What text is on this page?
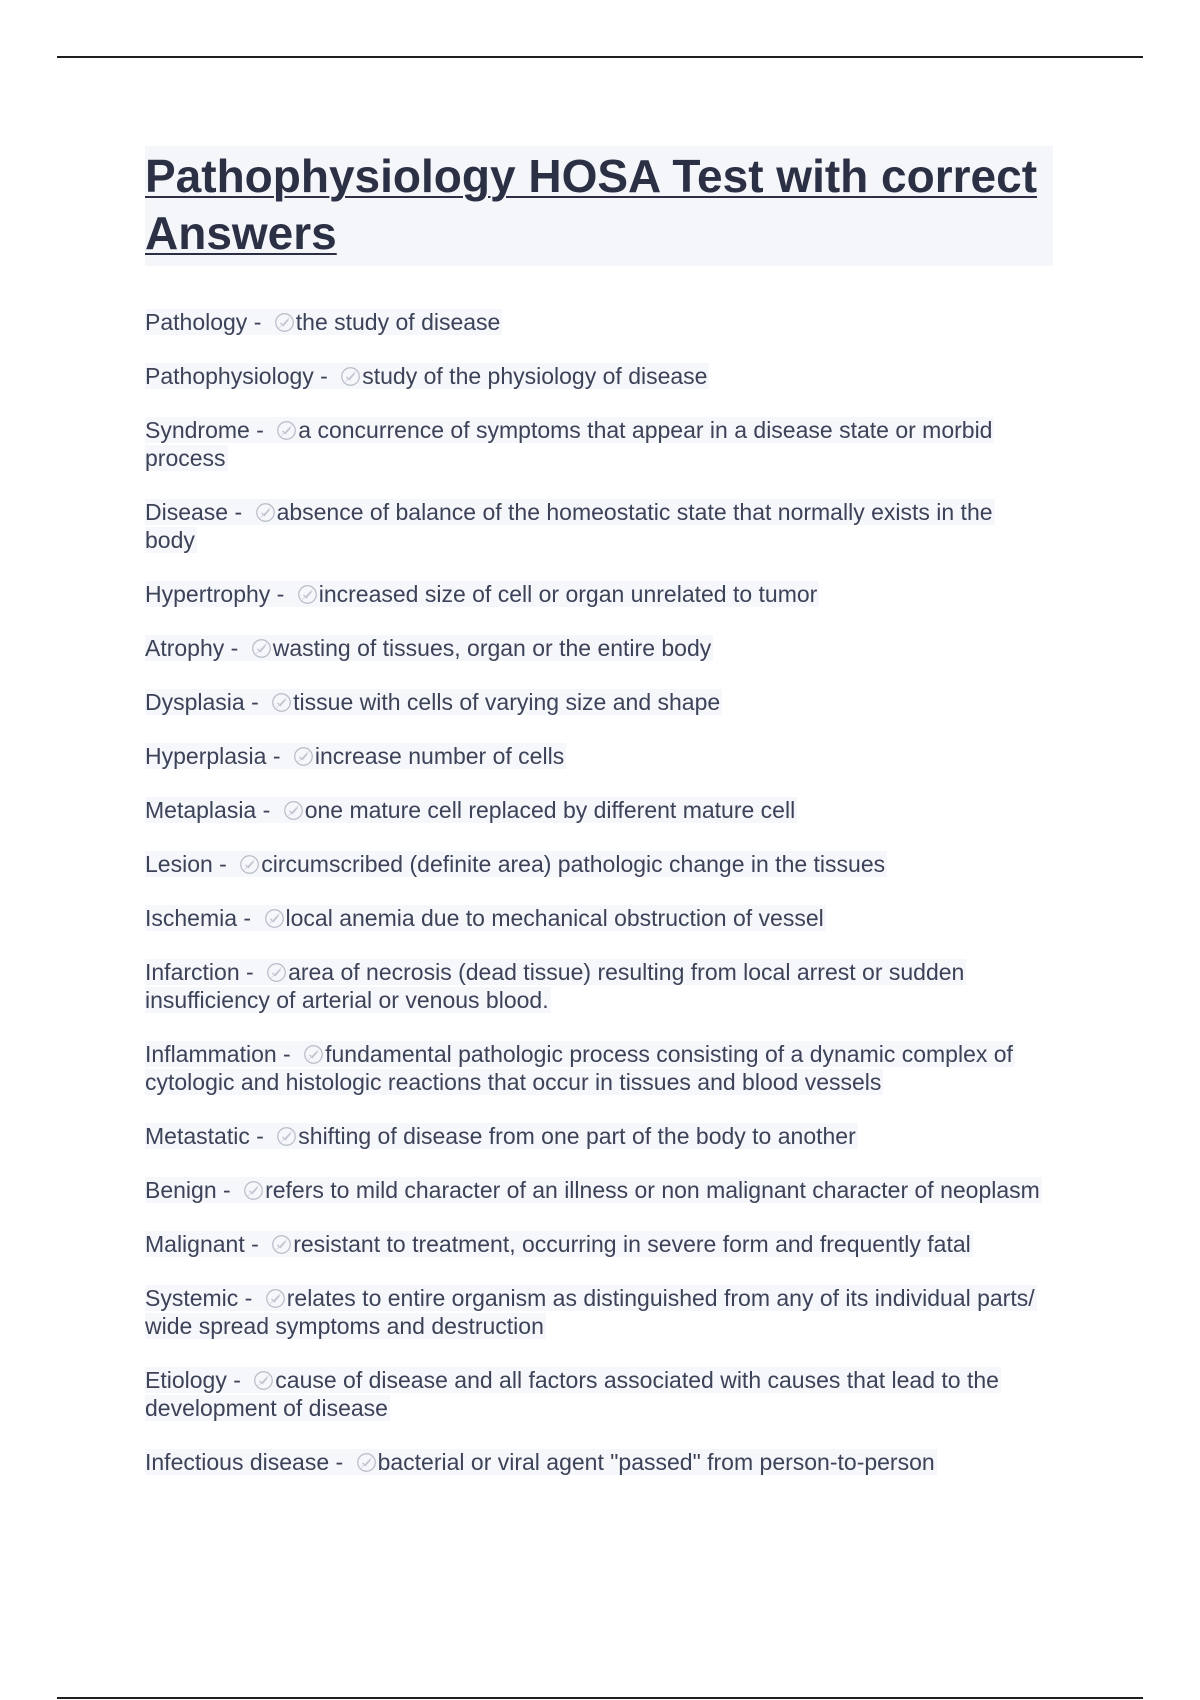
Pathophysiology HOSA Test with correct Answers
Pathology -
the study of disease
Pathophysiology -
study of the physiology of disease
Syndrome -
a concurrence of symptoms that appear in a disease state or morbid process
Disease -
absence of balance of the homeostatic state that normally exists in the body
Hypertrophy -
increased size of cell or organ unrelated to tumor
Atrophy -
wasting of tissues, organ or the entire body
Dysplasia -
tissue with cells of varying size and shape
Hyperplasia -
increase number of cells
Metaplasia -
one mature cell replaced by different mature cell
Lesion -
circumscribed (definite area) pathologic change in the tissues
Ischemia -
local anemia due to mechanical obstruction of vessel
Infarction -
area of necrosis (dead tissue) resulting from local arrest or sudden insufficiency of arterial or venous blood.
Inflammation -
fundamental pathologic process consisting of a dynamic complex of cytologic and histologic reactions that occur in tissues and blood vessels
Metastatic -
shifting of disease from one part of the body to another
Benign -
refers to mild character of an illness or non malignant character of neoplasm
Malignant -
resistant to treatment, occurring in severe form and frequently fatal
Systemic -
relates to entire organism as distinguished from any of its individual parts/ wide spread symptoms and destruction
Etiology -
cause of disease and all factors associated with causes that lead to the development of disease
Infectious disease -
bacterial or viral agent "passed" from person-to-person
